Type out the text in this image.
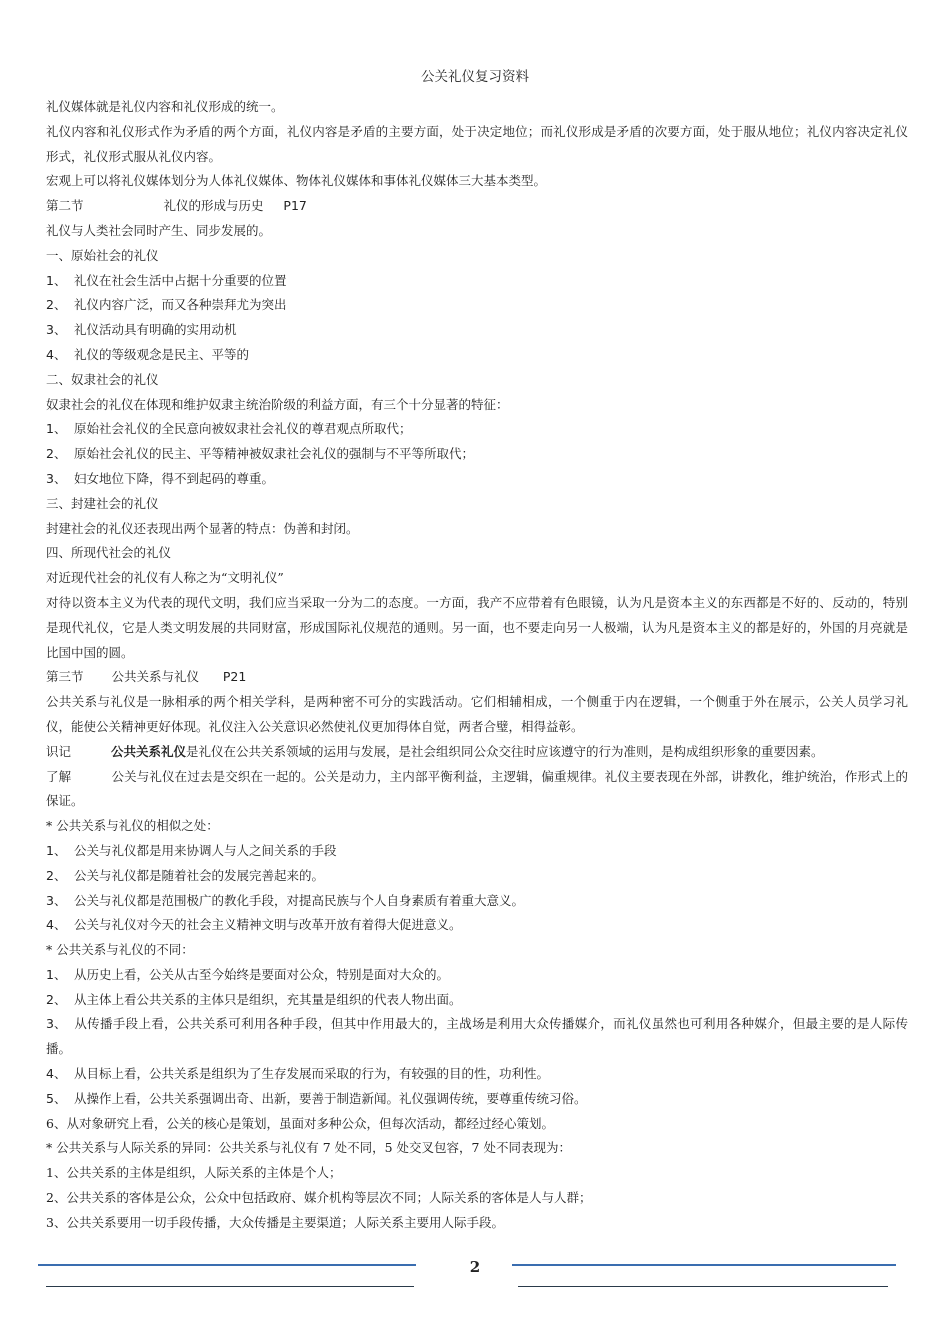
公关礼仪复习资料
礼仪媒体就是礼仪内容和礼仪形成的统一。
礼仪内容和礼仪形式作为矛盾的两个方面，礼仪内容是矛盾的主要方面，处于决定地位；而礼仪形成是矛盾的次要方面，处于服从地位；礼仪内容决定礼仪形式，礼仪形式服从礼仪内容。
宏观上可以将礼仪媒体划分为人体礼仪媒体、物体礼仪媒体和事体礼仪媒体三大基本类型。
第二节	礼仪的形成与历史 P17
礼仪与人类社会同时产生、同步发展的。
一、原始社会的礼仪
1、 礼仪在社会生活中占据十分重要的位置
2、 礼仪内容广泛，而又各种崇拜尤为突出
3、 礼仪活动具有明确的实用动机
4、 礼仪的等级观念是民主、平等的
二、奴隶社会的礼仪
奴隶社会的礼仪在体现和维护奴隶主统治阶级的利益方面，有三个十分显著的特征：
1、 原始社会礼仪的全民意向被奴隶社会礼仪的尊君观点所取代；
2、 原始社会礼仪的民主、平等精神被奴隶社会礼仪的强制与不平等所取代；
3、 妇女地位下降，得不到起码的尊重。
三、封建社会的礼仪
封建社会的礼仪还表现出两个显著的特点：伪善和封闭。
四、所现代社会的礼仪
对近现代社会的礼仪有人称之为“文明礼仪”
对待以资本主义为代表的现代文明，我们应当采取一分为二的态度。一方面，我产不应带着有色眼镜，认为凡是资本主义的东西都是不好的、反动的，特别是现代礼仪，它是人类文明发展的共同财富，形成国际礼仪规范的通则。另一面，也不要走向另一人极端，认为凡是资本主义的都是好的，外国的月亮就是比国中国的圆。
第三节 公共关系与礼仪 P21
公共关系与礼仪是一脉相承的两个相关学科，是两种密不可分的实践活动。它们相辅相成，一个侧重于内在逻辑，一个侧重于外在展示，公关人员学习礼仪，能使公关精神更好体现。礼仪注入公关意识必然使礼仪更加得体自觉，两者合璧，相得益彰。
识记	公共关系礼仪是礼仪在公共关系领域的运用与发展，是社会组织同公众交往时应该遵守的行为准则，是构成组织形象的重要因素。
了解	公关与礼仪在过去是交织在一起的。公关是动力，主内部平衡利益，主逻辑，偏重规律。礼仪主要表现在外部，讲教化，维护统治，作形式上的保证。
* 公共关系与礼仪的相似之处：
1、 公关与礼仪都是用来协调人与人之间关系的手段
2、 公关与礼仪都是随着社会的发展完善起来的。
3、 公关与礼仪都是范围极广的教化手段，对提高民族与个人自身素质有着重大意义。
4、 公关与礼仪对今天的社会主义精神文明与改革开放有着得大促进意义。
* 公共关系与礼仪的不同：
1、 从历史上看，公关从古至今始终是要面对公众，特别是面对大众的。
2、 从主体上看公共关系的主体只是组织，充其量是组织的代表人物出面。
3、 从传播手段上看，公共关系可利用各种手段，但其中作用最大的，主战场是利用大众传播媒介，而礼仪虽然也可利用各种媒介，但最主要的是人际传播。
4、 从目标上看，公共关系是组织为了生存发展而采取的行为，有较强的目的性，功利性。
5、 从操作上看，公共关系强调出奇、出新，要善于制造新闻。礼仪强调传统，要尊重传统习俗。
6、从对象研究上看，公关的核心是策划，虽面对多种公众，但每次活动，都经过经心策划。
* 公共关系与人际关系的异同：公共关系与礼仪有 7 处不同，5 处交叉包容，7 处不同表现为：
1、公共关系的主体是组织，人际关系的主体是个人；
2、公共关系的客体是公众，公众中包括政府、媒介机构等层次不同；人际关系的客体是人与人群；
3、公共关系要用一切手段传播，大众传播是主要渠道；人际关系主要用人际手段。
2
